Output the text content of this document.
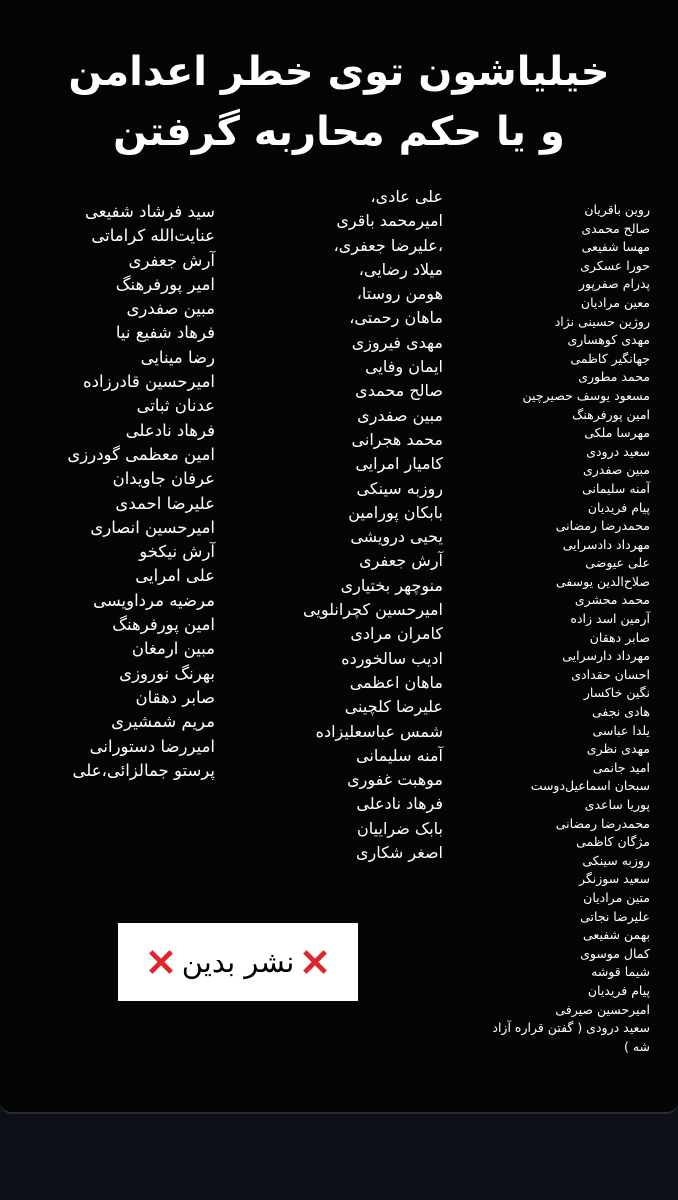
خیلیاشون توی خطر اعدامن
و یا حکم محاربه گرفتن
روین باقریان
صالح محمدی
مهسا شفیعی
حورا عسکری
پدرام صفرپور
معین مرادیان
روژین حسینی نژاد
مهدی کوهساری
جهانگیر کاظمی
محمد مطوری
مسعود یوسف حصیرچین
امین پورفرهنگ
مهرسا ملکی
سعید درودی
مبین صفدری
آمنه سلیمانی
پیام فریدیان
محمدرضا رمضانی
مهرداد دادسرایی
علی عیوضی
صلاح‌الدین یوسفی
محمد محشری
آرمین اسد زاده
صابر دهقان
مهرداد دارسرایی
احسان حقدادی
نگین خاکسار
هادی نجفی
یلدا عباسی
مهدی نظری
امید جانمی
سبحان اسماعیل‌دوست
پوریا ساعدی
محمدرضا رمضانی
مژگان کاظمی
روزبه سینکی
سعید سوزنگر
متین مرادیان
علیرضا نجاتی
بهمن شفیعی
کمال موسوی
شیما قوشه
پیام فریدیان
امیرحسین صیرفی
سعید درودی ( گفتن قراره آزاد
شه )
علی عادی،
امیرمحمد باقری
،علیرضا جعفری،
میلاد رضایی،
هومن روستا،
ماهان رحمتی،
مهدی فیروزی
ایمان وفایی
صالح محمدی
مبین صفدری
محمد هجرانی
کامیار امرایی
روزبه سینکی
بابکان پورامین
یحیی درویشی
آرش جعفری
منوچهر بختیاری
امیرحسین کچرانلویی
کامران مرادی
ادیب سالخورده
ماهان اعظمی
علیرضا کلچینی
شمس عباسعلیزاده
آمنه سلیمانی
موهبت غفوری
فرهاد نادعلی
بابک ضراییان
اصغر شکاری
سید فرشاد شفیعی
عنایت‌الله کراماتی
آرش جعفری
امیر پورفرهنگ
مبین صفدری
فرهاد شفیع نیا
رضا مینایی
امیرحسین قادرزاده
عدنان ثباتی
فرهاد نادعلی
امین معظمی گودرزی
عرفان جاویدان
علیرضا احمدی
امیرحسین انصاری
آرش نیکخو
علی امرایی
مرضیه مرداویسی
امین پورفرهنگ
مبین ارمغان
بهرنگ نوروزی
صابر دهقان
مریم شمشیری
امیررضا دستورانی
پرستو جمالزائی،علی
نشر بدین
